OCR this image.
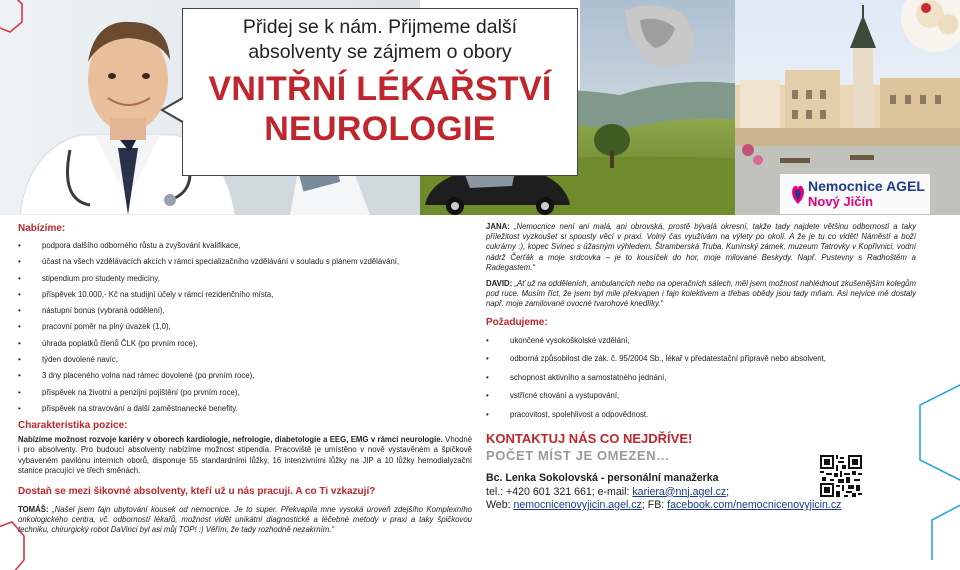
Přidej se k nám. Přijmeme další
absolventy se zájmem o obory
VNITŘNÍ LÉKAŘSTVÍ
NEUROLOGIE
Nemocnice AGEL
Nový Jičín
Nabízíme:
• podpora dalšího odborného růstu a zvyšování kvalifikace,
• účast na všech vzdělávacích akcích v rámci specializačního vzdělávání v souladu s plánem vzdělávání,
• stipendium pro studenty medicíny,
• příspěvek 10.000,- Kč na studijní účely v rámci rezidenčního místa,
• nástupní bonus (vybraná oddělení),
• pracovní poměr na plný úvazek (1,0),
• úhrada poplatků členů ČLK (po prvním roce),
• týden dovolené navíc,
• 3 dny placeného volna nad rámec dovolené (po prvním roce),
• příspěvek na životní a penzijní pojištění (po prvním roce),
• příspěvek na stravování a další zaměstnanecké benefity.
Charakteristika pozice:

Nabízíme možnost rozvoje kariéry v oborech kardiologie, nefrologie, diabetologie a EEG, EMG v rámci neurologie. Vhodné i pro absolventy. Pro budoucí absolventy nabízíme možnost stipendia. Pracoviště je umístěno v nově vystavěném a špičkově vybaveném pavilónu interních oborů, disponuje 55 standardními lůžky, 16 intenzivními lůžky na JIP a 10 lůžky hemodialyzační stanice pracující ve třech směnách.

Dostaň se mezi šikovné absolventy, kteří už u nás pracují. A co Ti vzkazují?

TOMÁŠ: „Našel jsem fajn ubytování kousek od nemocnice. Je to super. Překvapila mne vysoká úroveň zdejšího Komplexního onkologického centra, vč. odborností lékařů, možnost vidět unikátní diagnostické a léčebné metody v praxi a taky špičkovou techniku, chirurgický robot DaVinci byl asi můj TOP! :) Věřím, že tady rozhodně nezakrním.“

JANA: „Nemocnice není ani malá, ani obrovská, prostě bývalá okresní, takže tady najdete většinu odborností a taky příležitost vyzkoušet si spousty věcí v praxi. Volný čas využívám na výlety po okolí. A že je tu co vidět! Náměstí a boží cukrárny :), kopec Svinec s úžasným výhledem, Štramberská Truba, Kunínský zámek, muzeum Tatrovky v Kopřivnici, vodní nádrž Čerťák a moje srdcovka – je to kousíček do hor, moje milované Beskydy. Např. Pustevny s Radhoštěm a Radegastem.“

DAVID: „Ať už na odděleních, ambulancích nebo na operačních sálech, měl jsem možnost nahlédnout zkušenějším kolegům pod ruce. Musím říct, že jsem byl mile překvapen i fajn kolektivem a třebas obědy jsou tady mňam. Asi nejvíce mě dostaly např. moje zamilované ovocné tvarohové knedlíky.“

Požadujeme:
• ukončené vysokoškolské vzdělání,
• odborná způsobilost dle zák. č. 95/2004 Sb., lékař v předatestační přípravě nebo absolvent,
• schopnost aktivního a samostatného jednání,
• vstřícné chování a vystupování,
• pracovitost, spolehlivost a odpovědnost.
KONTAKTUJ NÁS CO NEJDŘÍVE!
POČET MÍST JE OMEZEN…
Bc. Lenka Sokolovská - personální manažerka
tel.: +420 601 321 661; e-mail: kariera@nnj.agel.cz;
Web: nemocnicenovyjicin.agel.cz; FB: facebook.com/nemocnicenovyjicin.cz
